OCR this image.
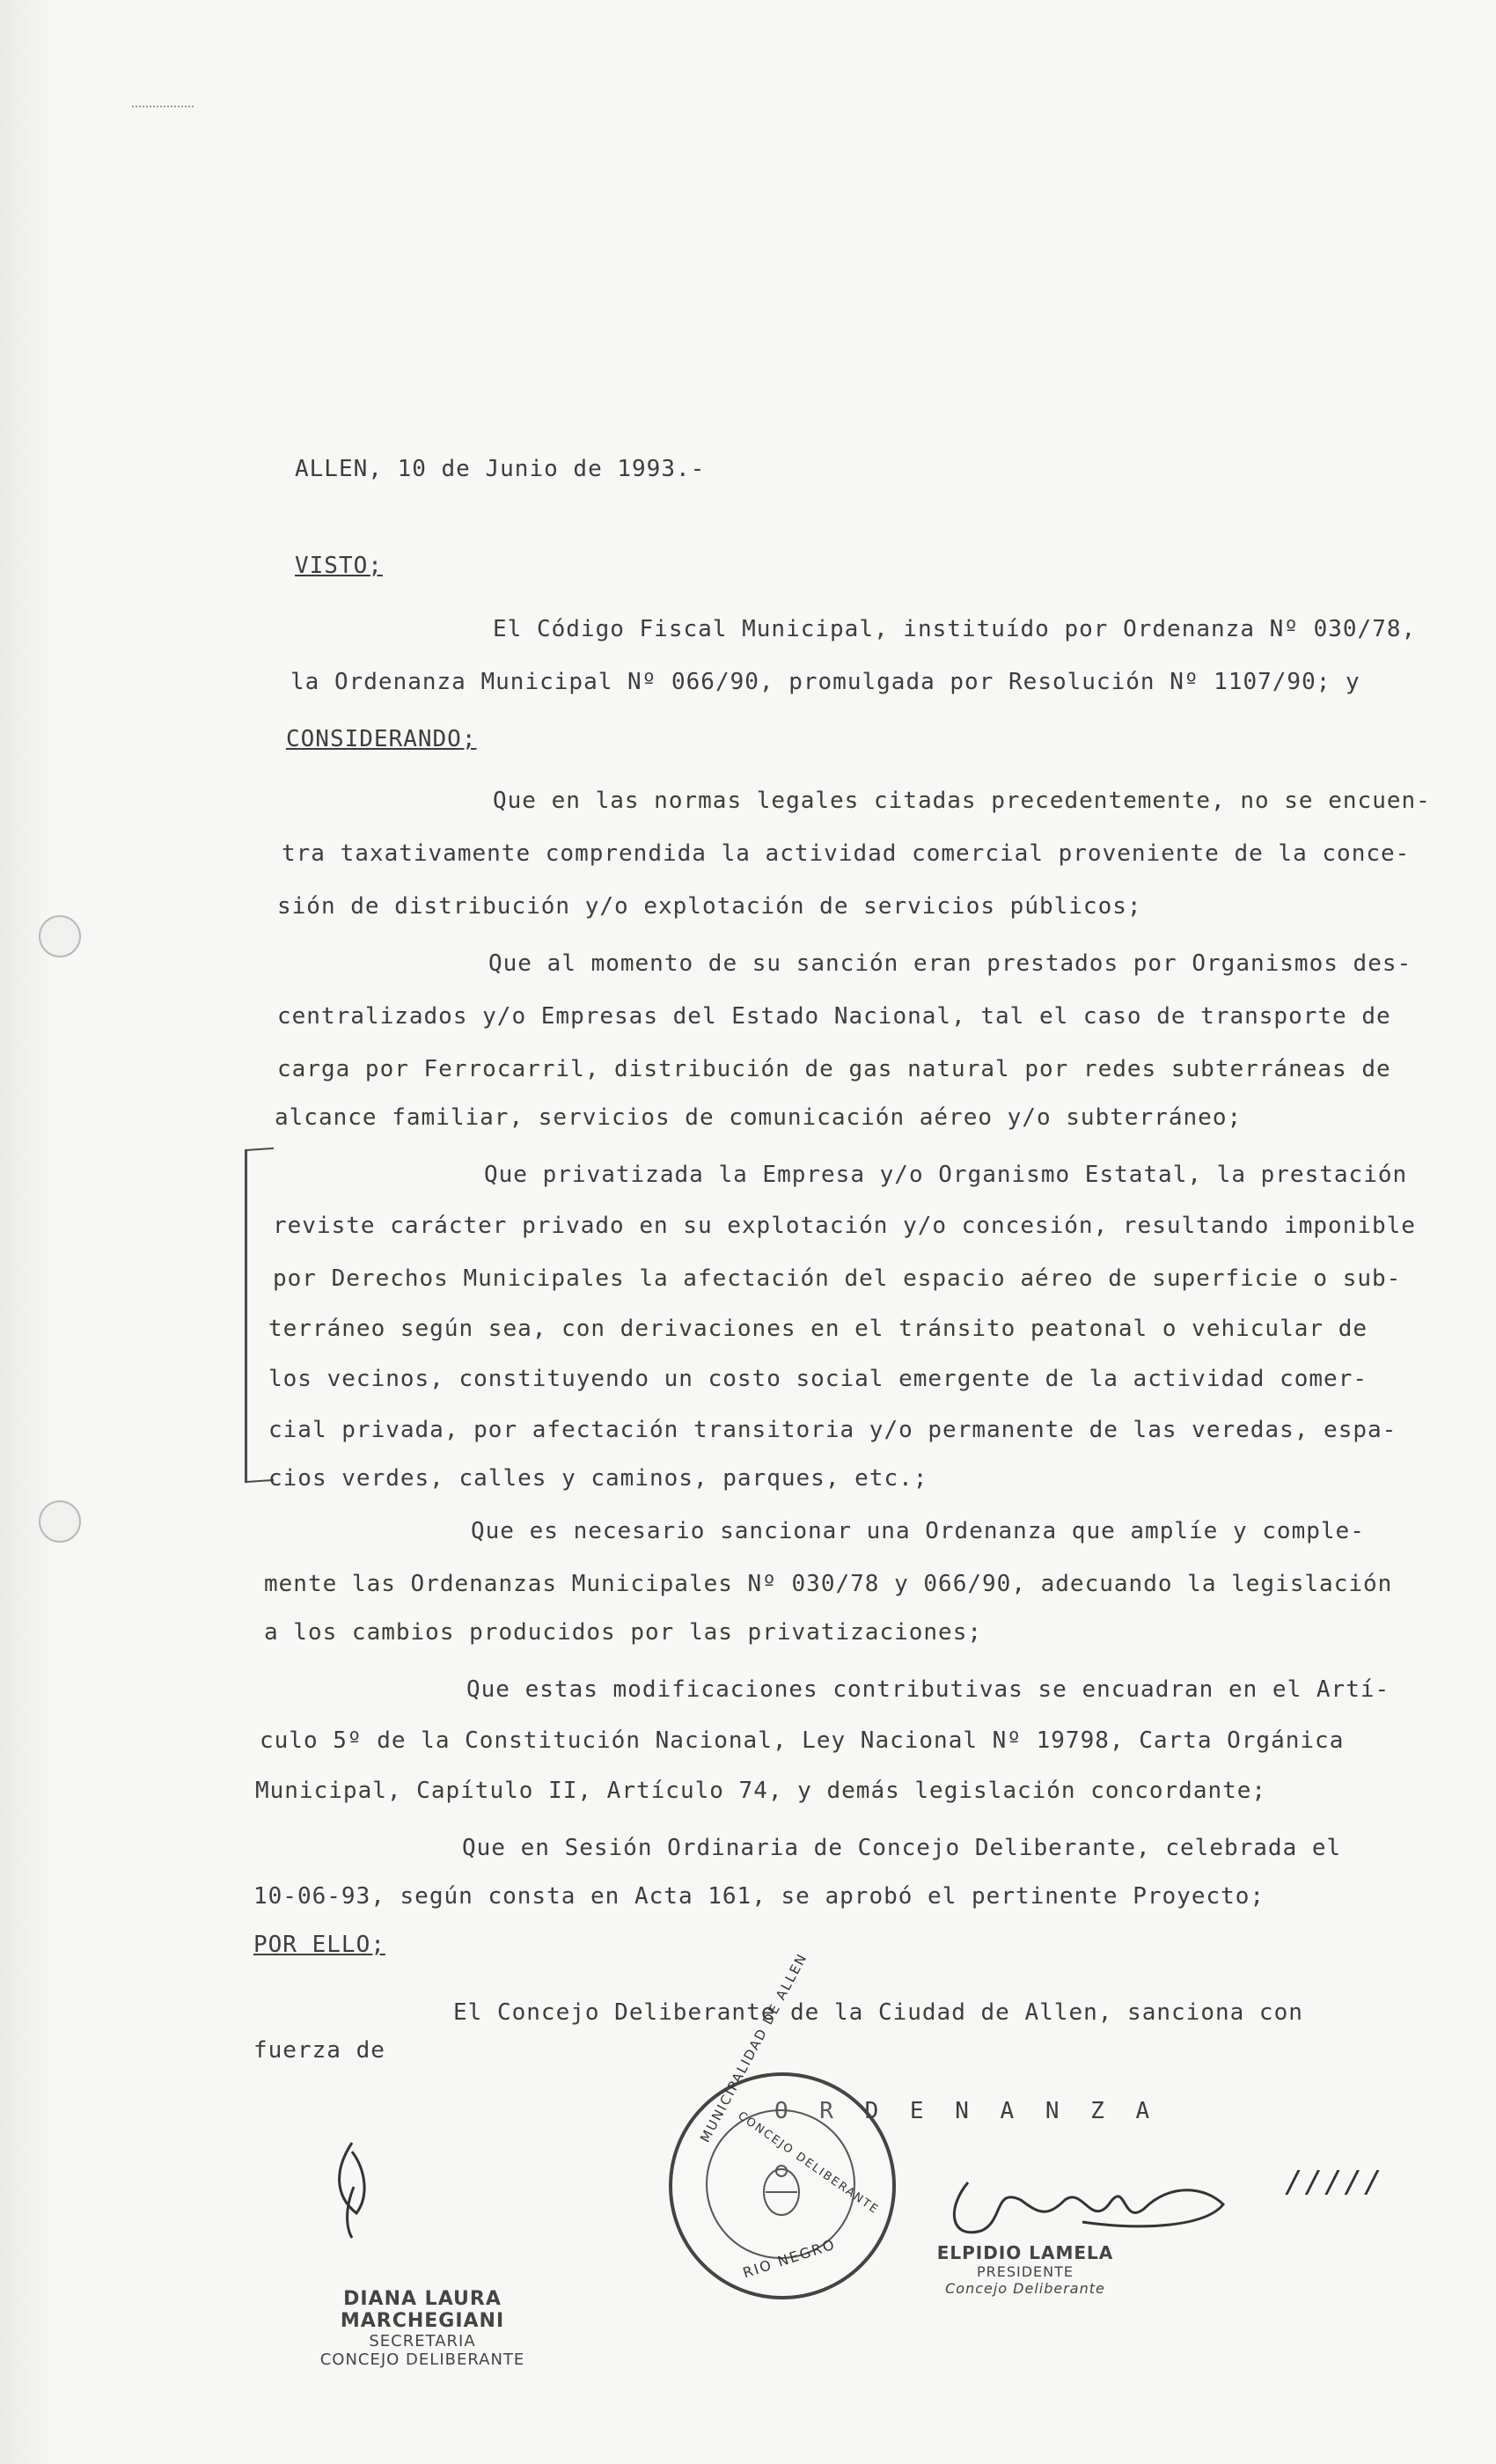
ALLEN, 10 de Junio de 1993.-
VISTO;
El Código Fiscal Municipal, instituído por Ordenanza Nº 030/78,
la Ordenanza Municipal Nº 066/90, promulgada por Resolución Nº 1107/90; y
CONSIDERANDO;
Que en las normas legales citadas precedentemente, no se encuen-
tra taxativamente comprendida la actividad comercial proveniente de la conce-
sión de distribución y/o explotación de servicios públicos;
Que al momento de su sanción eran prestados por Organismos des-
centralizados y/o Empresas del Estado Nacional, tal el caso de transporte de
carga por Ferrocarril, distribución de gas natural por redes subterráneas de
alcance familiar, servicios de comunicación aéreo y/o subterráneo;
Que privatizada la Empresa y/o Organismo Estatal, la prestación
reviste carácter privado en su explotación y/o concesión, resultando imponible
por Derechos Municipales la afectación del espacio aéreo de superficie o sub-
terráneo según sea, con derivaciones en el tránsito peatonal o vehicular de
los vecinos, constituyendo un costo social emergente de la actividad comer-
cial privada, por afectación transitoria y/o permanente de las veredas, espa-
cios verdes, calles y caminos, parques, etc.;
Que es necesario sancionar una Ordenanza que amplíe y comple-
mente las Ordenanzas Municipales Nº 030/78 y 066/90, adecuando la legislación
a los cambios producidos por las privatizaciones;
Que estas modificaciones contributivas se encuadran en el Artí-
culo 5º de la Constitución Nacional, Ley Nacional Nº 19798, Carta Orgánica
Municipal, Capítulo II, Artículo 74, y demás legislación concordante;
Que en Sesión Ordinaria de Concejo Deliberante, celebrada el
10-06-93, según consta en Acta 161, se aprobó el pertinente Proyecto;
POR ELLO;
El Concejo Deliberante de la Ciudad de Allen, sanciona con
fuerza de
O R D E N A N Z A
MUNICIPALIDAD DE ALLEN
CONCEJO DELIBERANTE
RIO NEGRO
DIANA LAURA MARCHEGIANI
SECRETARIA
CONCEJO DELIBERANTE
ELPIDIO LAMELA
PRESIDENTE
Concejo Deliberante
/////
